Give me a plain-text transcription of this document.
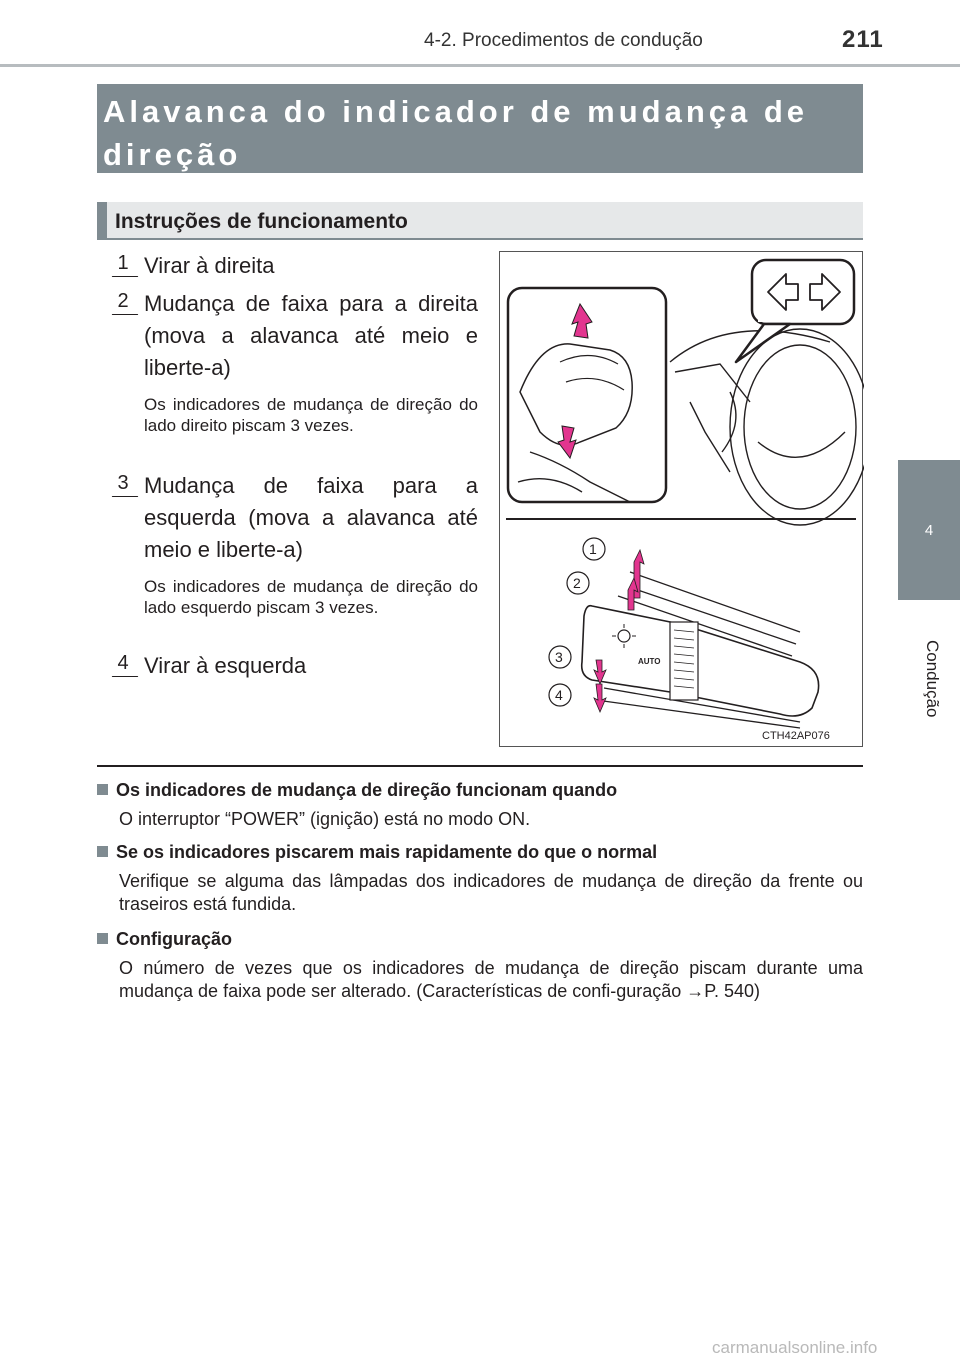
4-2. Procedimentos de condução	211
4
Condução
Alavanca do indicador de mudança de direção
Instruções de funcionamento
1 Virar à direita
2 Mudança de faixa para a direita (mova a alavanca até meio e liberte-a)
Os indicadores de mudança de direção do lado direito piscam 3 vezes.
3 Mudança de faixa para a esquerda (mova a alavanca até meio e liberte-a)
Os indicadores de mudança de direção do lado esquerdo piscam 3 vezes.
4 Virar à esquerda	AUTO
1
2
3
4
CTH42AP076
Os indicadores de mudança de direção funcionam quando
O interruptor “POWER” (ignição) está no modo ON.
Se os indicadores piscarem mais rapidamente do que o normal
Verifique se alguma das lâmpadas dos indicadores de mudança de direção da frente ou traseiros está fundida.
Configuração
O número de vezes que os indicadores de mudança de direção piscam durante uma mudança de faixa pode ser alterado. (Características de confi-guração →P. 540)
carmanualsonline.info
